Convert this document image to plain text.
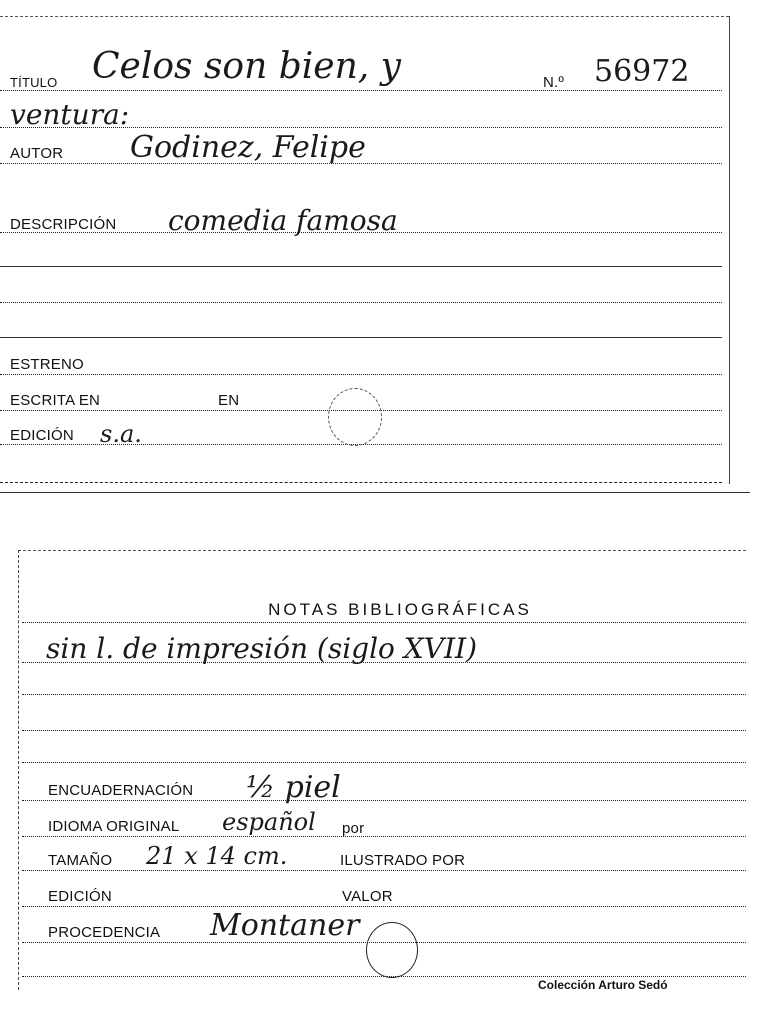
TÍTULO Celos son bien, y	N.º 56972
ventura:
AUTOR Godinez, Felipe
DESCRIPCIÓN comedia famosa
ESTRENO
ESCRITA EN	EN
EDICIÓN s.a.
NOTAS BIBLIOGRÁFICAS
sin l. de impresión (siglo XVII)
ENCUADERNACIÓN ½ piel
IDIOMA ORIGINAL español por
TAMAÑO 21 x 14 cm.	ILUSTRADO POR
EDICIÓN	VALOR
PROCEDENCIA Montaner
Colección Arturo Sedó
